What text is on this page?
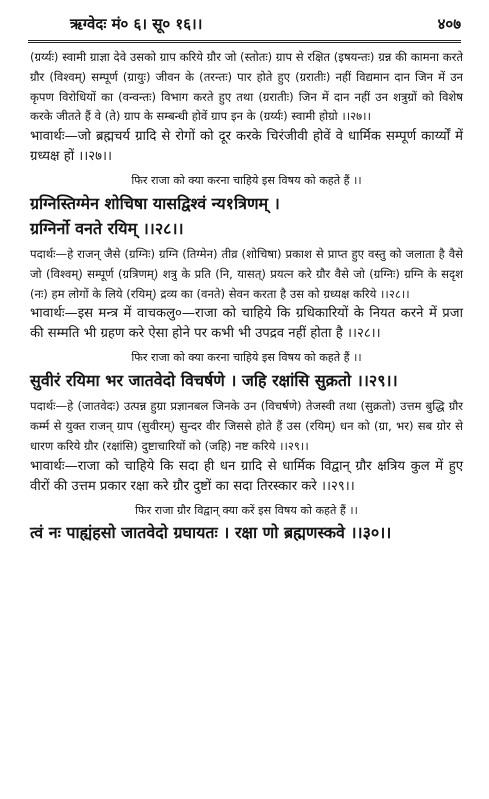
ऋग्वेदः मं० ६। सू० १६।।	४०७

(ग्रर्य्यः) स्वामी ग्राज्ञा देवे उसको ग्राप करिये ग्रौर जो (स्तोतः) ग्राप से रक्षित (इषयन्तः) ग्रन्न की कामना करते ग्रौर (विश्वम्) सम्पूर्ण (ग्रायुः) जीवन के (तरन्तः) पार होते हुए (ग्ररातीः) नहीं विद्यमान दान जिन में उन कृपण विरोधियों का (वन्वन्तः) विभाग करते हुए तथा (ग्ररातीः) जिन में दान नहीं उन शत्रुग्रों को विशेष करके जीतते हैं वे (ते) ग्राप के सम्बन्धी होवें ग्राप इन के (ग्रर्य्यः) स्वामी होग्रो ।।२७।।

भावार्थः—जो ब्रह्मचर्य ग्रादि से रोगों को दूर करके चिरंजीवी होवें वे धार्मिक सम्पूर्ण कार्य्यों में ग्रध्यक्ष हों ।।२७।।

फिर राजा को क्या करना चाहिये इस विषय को कहते हैं ।।

ग्रग्निस्तिग्मेन शोचिषा यासद्विश्वं न्य१त्रिणम् ।

ग्रग्निर्नो वनते रयिम् ।।२८।।

पदार्थः—हे राजन् जैसे (ग्रग्निः) ग्रग्नि (तिग्मेन) तीव्र (शोचिषा) प्रकाश से प्राप्त हुए वस्तु को जलाता है वैसे जो (विश्वम्) सम्पूर्ण (ग्रत्रिणम्) शत्रु के प्रति (नि, यासत्) प्रयत्न करे ग्रौर वैसे जो (ग्रग्निः) ग्रग्नि के सदृश (नः) हम लोगों के लिये (रयिम्) द्रव्य का (वनते) सेवन करता है उस को ग्रध्यक्ष करिये ।।२८।।

भावार्थः—इस मन्त्र में वाचकलु०—राजा को चाहिये कि ग्रधिकारियों के नियत करने में प्रजा की सम्मति भी ग्रहण करे ऐसा होने पर कभी भी उपद्रव नहीं होता है ।।२८।।

फिर राजा को क्या करना चाहिये इस विषय को कहते हैं ।।

सुवीरं रयिमा भर जातवेदो विचर्षणे । जहि रक्षांसि सुक्रतो ।।२९।।

पदार्थः—हे (जातवेदः) उत्पन्न हुग्रा प्रज्ञानबल जिनके उन (विचर्षणे) तेजस्वी तथा (सुक्रतो) उत्तम बुद्धि ग्रौर कर्म्म से युक्त राजन् ग्राप (सुवीरम्) सुन्दर वीर जिससे होते हैं उस (रयिम्) धन को (ग्रा, भर) सब ग्रोर से धारण करिये ग्रौर (रक्षांसि) दुष्टाचारियों को (जहि) नष्ट करिये ।।२९।।

भावार्थः—राजा को चाहिये कि सदा ही धन ग्रादि से धार्मिक विद्वान् ग्रौर क्षत्रिय कुल में हुए वीरों की उत्तम प्रकार रक्षा करे ग्रौर दुष्टों का सदा तिरस्कार करे ।।२९।।

फिर राजा ग्रौर विद्वान् क्या करें इस विषय को कहते हैं ।।

त्वं नः पाह्यंहसो जातवेदो ग्रघायतः । रक्षा णो ब्रह्मणस्कवे ।।३०।।
